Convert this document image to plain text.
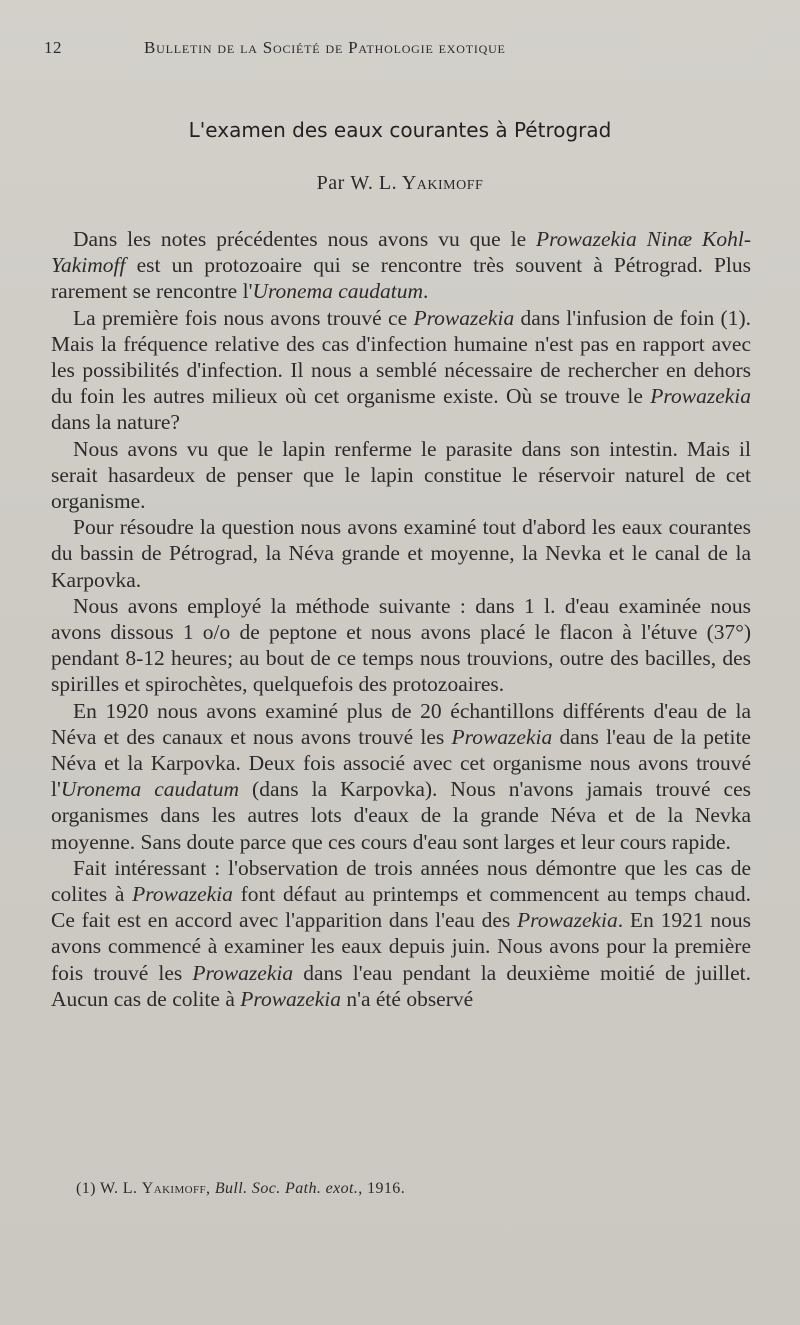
12	Bulletin de la Société de Pathologie exotique
L'examen des eaux courantes à Pétrograd
Par W. L. Yakimoff

Dans les notes précédentes nous avons vu que le Prowazekia Ninæ Kohl-Yakimoff est un protozoaire qui se rencontre très souvent à Pétrograd. Plus rarement se rencontre l'Uronema caudatum.

La première fois nous avons trouvé ce Prowazekia dans l'infusion de foin (1). Mais la fréquence relative des cas d'infection humaine n'est pas en rapport avec les possibilités d'infection. Il nous a semblé nécessaire de rechercher en dehors du foin les autres milieux où cet organisme existe. Où se trouve le Prowazekia dans la nature?

Nous avons vu que le lapin renferme le parasite dans son intestin. Mais il serait hasardeux de penser que le lapin constitue le réservoir naturel de cet organisme.

Pour résoudre la question nous avons examiné tout d'abord les eaux courantes du bassin de Pétrograd, la Néva grande et moyenne, la Nevka et le canal de la Karpovka.

Nous avons employé la méthode suivante : dans 1 l. d'eau examinée nous avons dissous 1 o/o de peptone et nous avons placé le flacon à l'étuve (37°) pendant 8-12 heures; au bout de ce temps nous trouvions, outre des bacilles, des spirilles et spirochètes, quelquefois des protozoaires.

En 1920 nous avons examiné plus de 20 échantillons différents d'eau de la Néva et des canaux et nous avons trouvé les Prowazekia dans l'eau de la petite Néva et la Karpovka. Deux fois associé avec cet organisme nous avons trouvé l'Uronema caudatum (dans la Karpovka). Nous n'avons jamais trouvé ces organismes dans les autres lots d'eaux de la grande Néva et de la Nevka moyenne. Sans doute parce que ces cours d'eau sont larges et leur cours rapide.

Fait intéressant : l'observation de trois années nous démontre que les cas de colites à Prowazekia font défaut au printemps et commencent au temps chaud. Ce fait est en accord avec l'apparition dans l'eau des Prowazekia. En 1921 nous avons commencé à examiner les eaux depuis juin. Nous avons pour la première fois trouvé les Prowazekia dans l'eau pendant la deuxième moitié de juillet. Aucun cas de colite à Prowazekia n'a été observé

(1) W. L. Yakimoff, Bull. Soc. Path. exot., 1916.
